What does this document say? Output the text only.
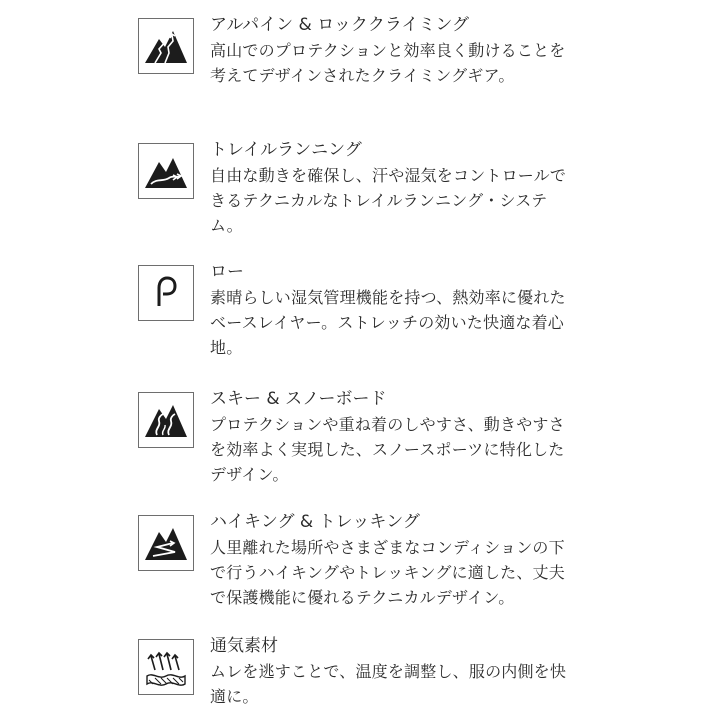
アルパイン & ロッククライミング

高山でのプロテクションと効率良く動けることを
考えてデザインされたクライミングギア。

トレイルランニング

自由な動きを確保し、汗や湿気をコントロールで
きるテクニカルなトレイルランニング・システ
ム。

ロー

素晴らしい湿気管理機能を持つ、熱効率に優れた
ベースレイヤー。ストレッチの効いた快適な着心
地。

スキー & スノーボード

プロテクションや重ね着のしやすさ、動きやすさ
を効率よく実現した、スノースポーツに特化した
デザイン。

ハイキング & トレッキング

人里離れた場所やさまざまなコンディションの下
で行うハイキングやトレッキングに適した、丈夫
で保護機能に優れるテクニカルデザイン。

通気素材

ムレを逃すことで、温度を調整し、服の内側を快
適に。
